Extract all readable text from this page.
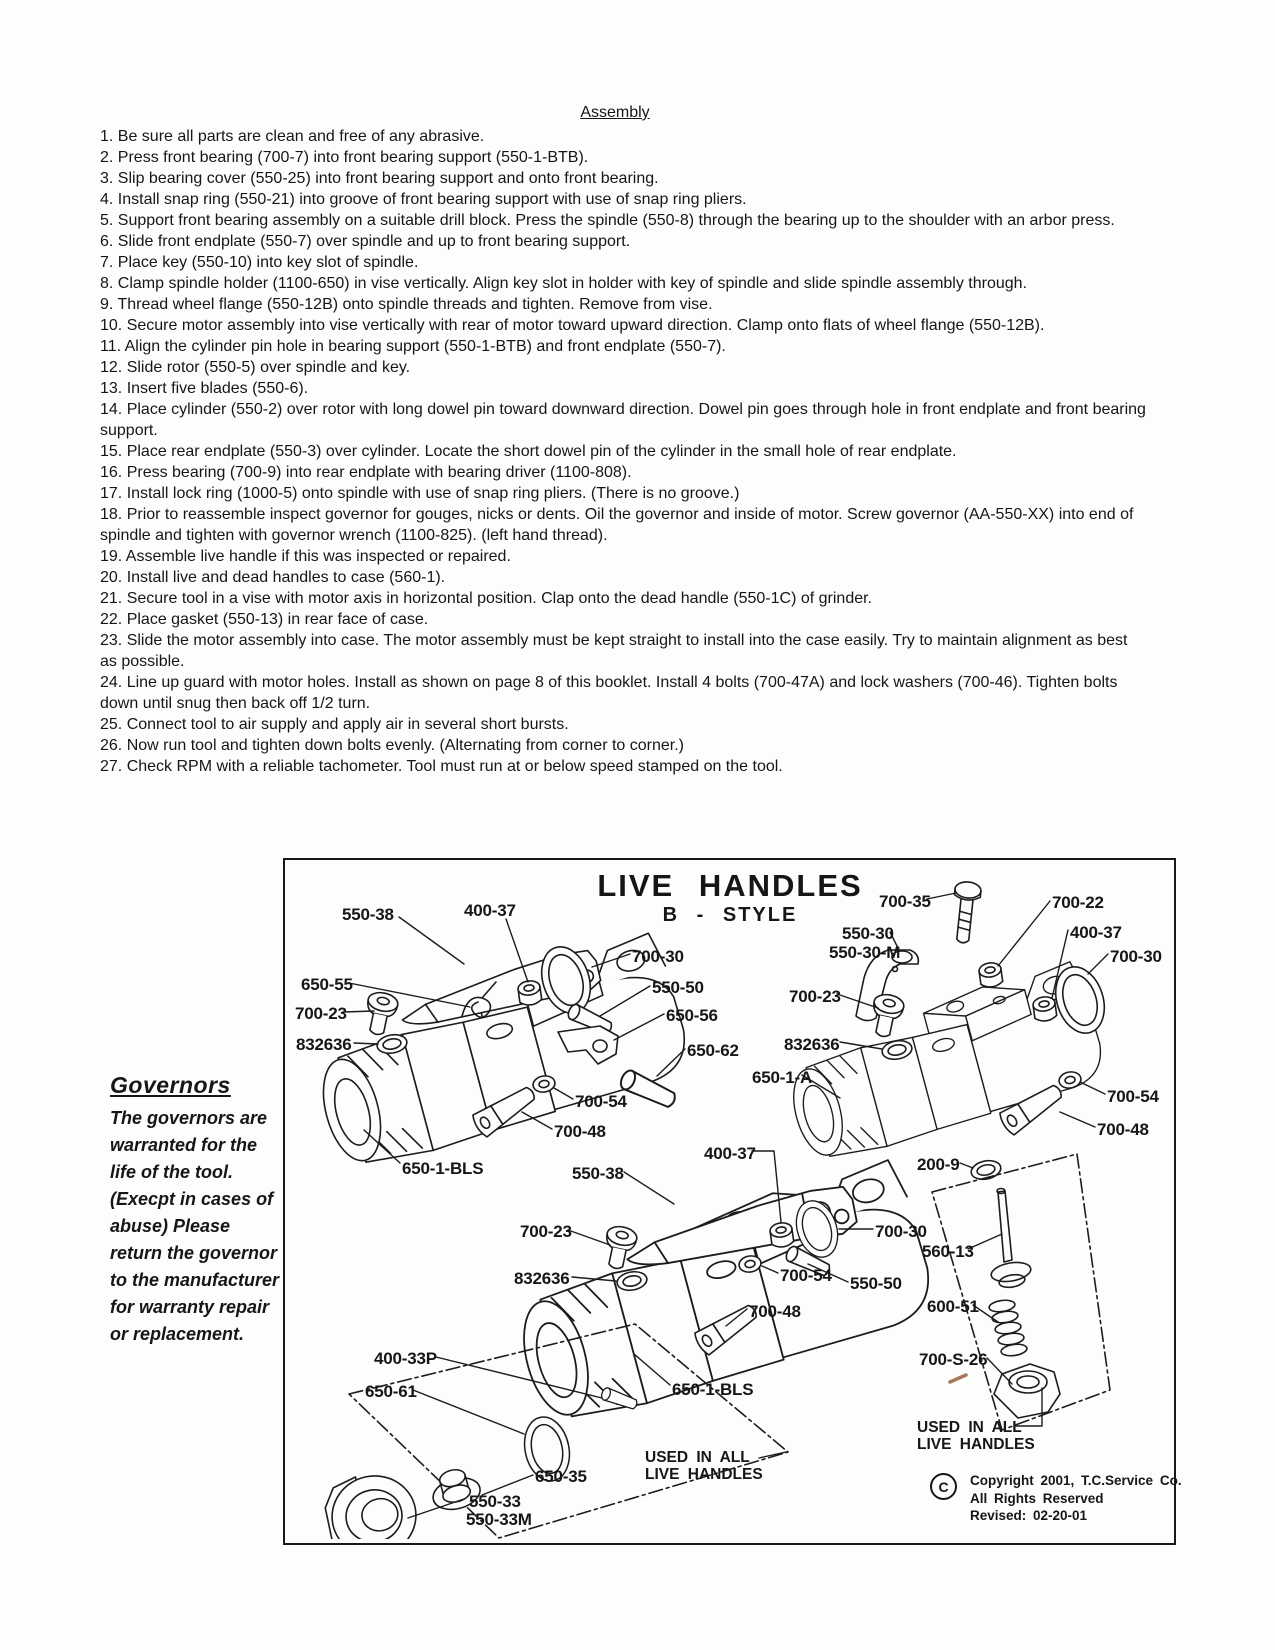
Assembly

1. Be sure all parts are clean and free of any abrasive.

2. Press front bearing (700-7) into front bearing support (550-1-BTB).

3. Slip bearing cover (550-25) into front bearing support and onto front bearing.

4. Install snap ring (550-21) into groove of front bearing support with use of snap ring pliers.

5. Support front bearing assembly on a suitable drill block. Press the spindle (550-8) through the bearing up to the shoulder with an arbor press.

6. Slide front endplate (550-7) over spindle and up to front bearing support.

7. Place key (550-10) into key slot of spindle.

8. Clamp spindle holder (1100-650) in vise vertically. Align key slot in holder with key of spindle and slide spindle assembly through.

9. Thread wheel flange (550-12B) onto spindle threads and tighten. Remove from vise.

10. Secure motor assembly into vise vertically with rear of motor toward upward direction. Clamp onto flats of wheel flange (550-12B).

11. Align the cylinder pin hole in bearing support (550-1-BTB) and front endplate (550-7).

12. Slide rotor (550-5) over spindle and key.

13. Insert five blades (550-6).

14. Place cylinder (550-2) over rotor with long dowel pin toward downward direction. Dowel pin goes through hole in front endplate and front bearing support.

15. Place rear endplate (550-3) over cylinder. Locate the short dowel pin of the cylinder in the small hole of rear endplate.

16. Press bearing (700-9) into rear endplate with bearing driver (1100-808).

17. Install lock ring (1000-5) onto spindle with use of snap ring pliers. (There is no groove.)

18. Prior to reassemble inspect governor for gouges, nicks or dents. Oil the governor and inside of motor. Screw governor (AA-550-XX) into end of spindle and tighten with governor wrench (1100-825). (left hand thread).

19. Assemble live handle if this was inspected or repaired.

20. Install live and dead handles to case (560-1).

21. Secure tool in a vise with motor axis in horizontal position. Clap onto the dead handle (550-1C) of grinder.

22. Place gasket (550-13) in rear face of case.

23. Slide the motor assembly into case. The motor assembly must be kept straight to install into the case easily. Try to maintain alignment as best as possible.

24. Line up guard with motor holes. Install as shown on page 8 of this booklet. Install 4 bolts (700-47A) and lock washers (700-46). Tighten bolts down until snug then back off 1/2 turn.

25. Connect tool to air supply and apply air in several short bursts.

26. Now run tool and tighten down bolts evenly. (Alternating from corner to corner.)

27. Check RPM with a reliable tachometer. Tool must run at or below speed stamped on the tool.

Governors

The governors are warranted for the life of the tool. (Execpt in cases of abuse) Please return the governor to the manufacturer for warranty repair or replacement.

LIVE HANDLES
B - STYLE
550-38	400-37
700-30
650-55	550-50
700-23	650-56
832636	650-62
700-54
700-48
650-1-BLS
700-35	700-22
550-30
550-30-M
400-37
700-30
700-23
832636
650-1-A
700-54
700-48
400-37
550-38	200-9
700-23	700-30
560-13
832636	550-50
700-54
600-51
700-48
700-S-26
650-1-BLS
400-33P
650-61
650-35
550-33
550-33M
USED IN ALL
LIVE HANDLES
USED IN ALL
LIVE HANDLES
C	Copyright 2001, T.C.Service Co.
All Rights Reserved
Revised: 02-20-01
